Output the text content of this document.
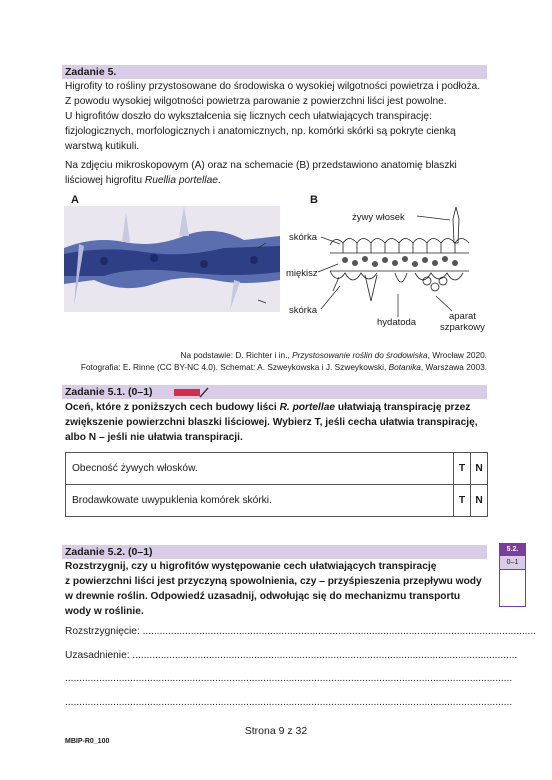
Zadanie 5.
Higrofity to rośliny przystosowane do środowiska o wysokiej wilgotności powietrza i podłoża.
Z powodu wysokiej wilgotności powietrza parowanie z powierzchni liści jest powolne.
U higrofitów doszło do wykształcenia się licznych cech ułatwiających transpirację:
fizjologicznych, morfologicznych i anatomicznych, np. komórki skórki są pokryte cienką
warstwą kutikuli.
Na zdjęciu mikroskopowym (A) oraz na schemacie (B) przedstawiono anatomię blaszki
liściowej higrofitu Ruellia portellae.
A	B
skórka
miękisz
skórka
żywy włosek
hydatoda
aparat
szparkowy
Na podstawie: D. Richter i in., Przystosowanie roślin do środowiska, Wrocław 2020.
Fotografia: E. Rinne (CC BY-NC 4.0). Schemat: A. Szweykowska i J. Szweykowski, Botanika, Warszawa 2003.
Zadanie 5.1. (0–1)
Oceń, które z poniższych cech budowy liści R. portellae ułatwiają transpirację przez
zwiększenie powierzchni blaszki liściowej. Wybierz T, jeśli cecha ułatwia transpirację,
albo N – jeśli nie ułatwia transpiracji.
Obecność żywych włosków.	T	N
Brodawkowate uwypuklenia komórek skórki.	T	N
Zadanie 5.2. (0–1)
Rozstrzygnij, czy u higrofitów występowanie cech ułatwiających transpirację
z powierzchni liści jest przyczyną spowolnienia, czy – przyśpieszenia przepływu wody
w drewnie roślin. Odpowiedź uzasadnij, odwołując się do mechanizmu transportu
wody w roślinie.
5.2.
0–1
Rozstrzygnięcie: ...........................................................................................................................................
Uzasadnienie: ........................................................................................................................................
..............................................................................................................................................................
..............................................................................................................................................................
Strona 9 z 32
MBIP-R0_100
